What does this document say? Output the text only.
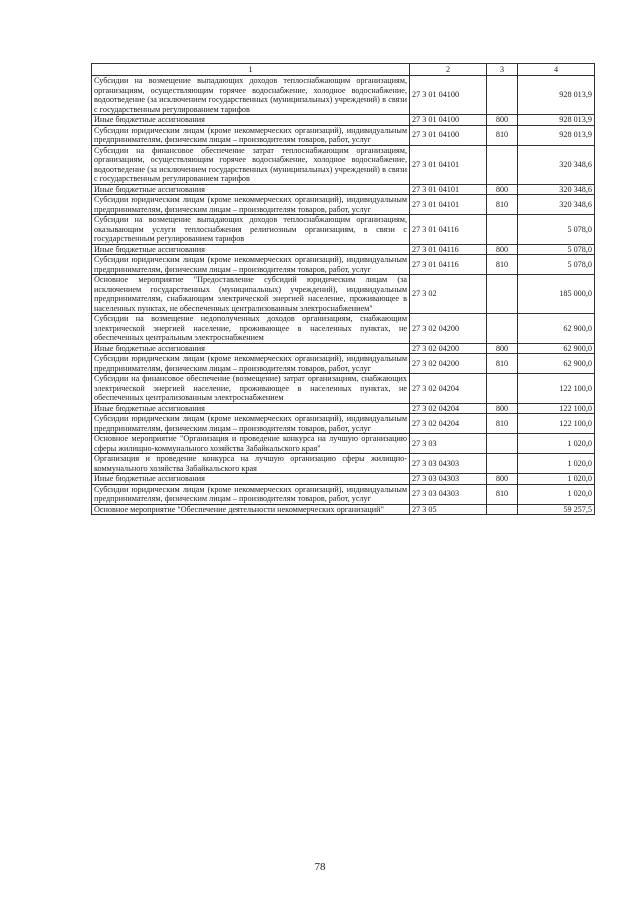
1	2	3	4
Субсидии на возмещение выпадающих доходов теплоснабжающим организациям, организациям, осуществляющим горячее водоснабжение, холодное водоснабжение, водоотведение (за исключением государственных (муниципальных) учреждений) в связи с государственным регулированием тарифов	27 3 01 04100		928 013,9
Иные бюджетные ассигнования	27 3 01 04100	800	928 013,9
Субсидии юридическим лицам (кроме некоммерческих организаций), индивидуальным предпринимателям, физическим лицам – производителям товаров, работ, услуг	27 3 01 04100	810	928 013,9
Субсидии на финансовое обеспечение затрат теплоснабжающим организациям, организациям, осуществляющим горячее водоснабжение, холодное водоснабжение, водоотведение (за исключением государственных (муниципальных) учреждений) в связи с государственным регулированием тарифов	27 3 01 04101		320 348,6
Иные бюджетные ассигнования	27 3 01 04101	800	320 348,6
Субсидии юридическим лицам (кроме некоммерческих организаций), индивидуальным предпринимателям, физическим лицам – производителям товаров, работ, услуг	27 3 01 04101	810	320 348,6
Субсидии на возмещение выпадающих доходов теплоснабжающим организациям, оказывающим услуги теплоснабжения религиозным организациям, в связи с государственным регулированием тарифов	27 3 01 04116		5 078,0
Иные бюджетные ассигнования	27 3 01 04116	800	5 078,0
Субсидии юридическим лицам (кроме некоммерческих организаций), индивидуальным предпринимателям, физическим лицам – производителям товаров, работ, услуг	27 3 01 04116	810	5 078,0
Основное мероприятие "Предоставление субсидий юридическим лицам (за исключением государственных (муниципальных) учреждений), индивидуальным предпринимателям, снабжающим электрической энергией население, проживающее в населенных пунктах, не обеспеченных централизованным электроснабжением"	27 3 02		185 000,0
Субсидии на возмещение недополученных доходов организациям, снабжающим электрической энергией население, проживающее в населенных пунктах, не обеспеченных центральным электроснабжением	27 3 02 04200		62 900,0
Иные бюджетные ассигнования	27 3 02 04200	800	62 900,0
Субсидии юридическим лицам (кроме некоммерческих организаций), индивидуальным предпринимателям, физическим лицам – производителям товаров, работ, услуг	27 3 02 04200	810	62 900,0
Субсидии на финансовое обеспечение (возмещение) затрат организациям, снабжающих электрической энергией население, проживающее в населенных пунктах, не обеспеченных централизованным электроснабжением	27 3 02 04204		122 100,0
Иные бюджетные ассигнования	27 3 02 04204	800	122 100,0
Субсидии юридическим лицам (кроме некоммерческих организаций), индивидуальным предпринимателям, физическим лицам – производителям товаров, работ, услуг	27 3 02 04204	810	122 100,0
Основное мероприятие "Организация и проведение конкурса на лучшую организацию сферы жилищно-коммунального хозяйства Забайкальского края"	27 3 03		1 020,0
Организация и проведение конкурса на лучшую организацию сферы жилищно-коммунального хозяйства Забайкальского края	27 3 03 04303		1 020,0
Иные бюджетные ассигнования	27 3 03 04303	800	1 020,0
Субсидии юридическим лицам (кроме некоммерческих организаций), индивидуальным предпринимателям, физическим лицам – производителям товаров, работ, услуг	27 3 03 04303	810	1 020,0
Основное мероприятие "Обеспечение деятельности некоммерческих организаций"	27 3 05		59 257,5
78
